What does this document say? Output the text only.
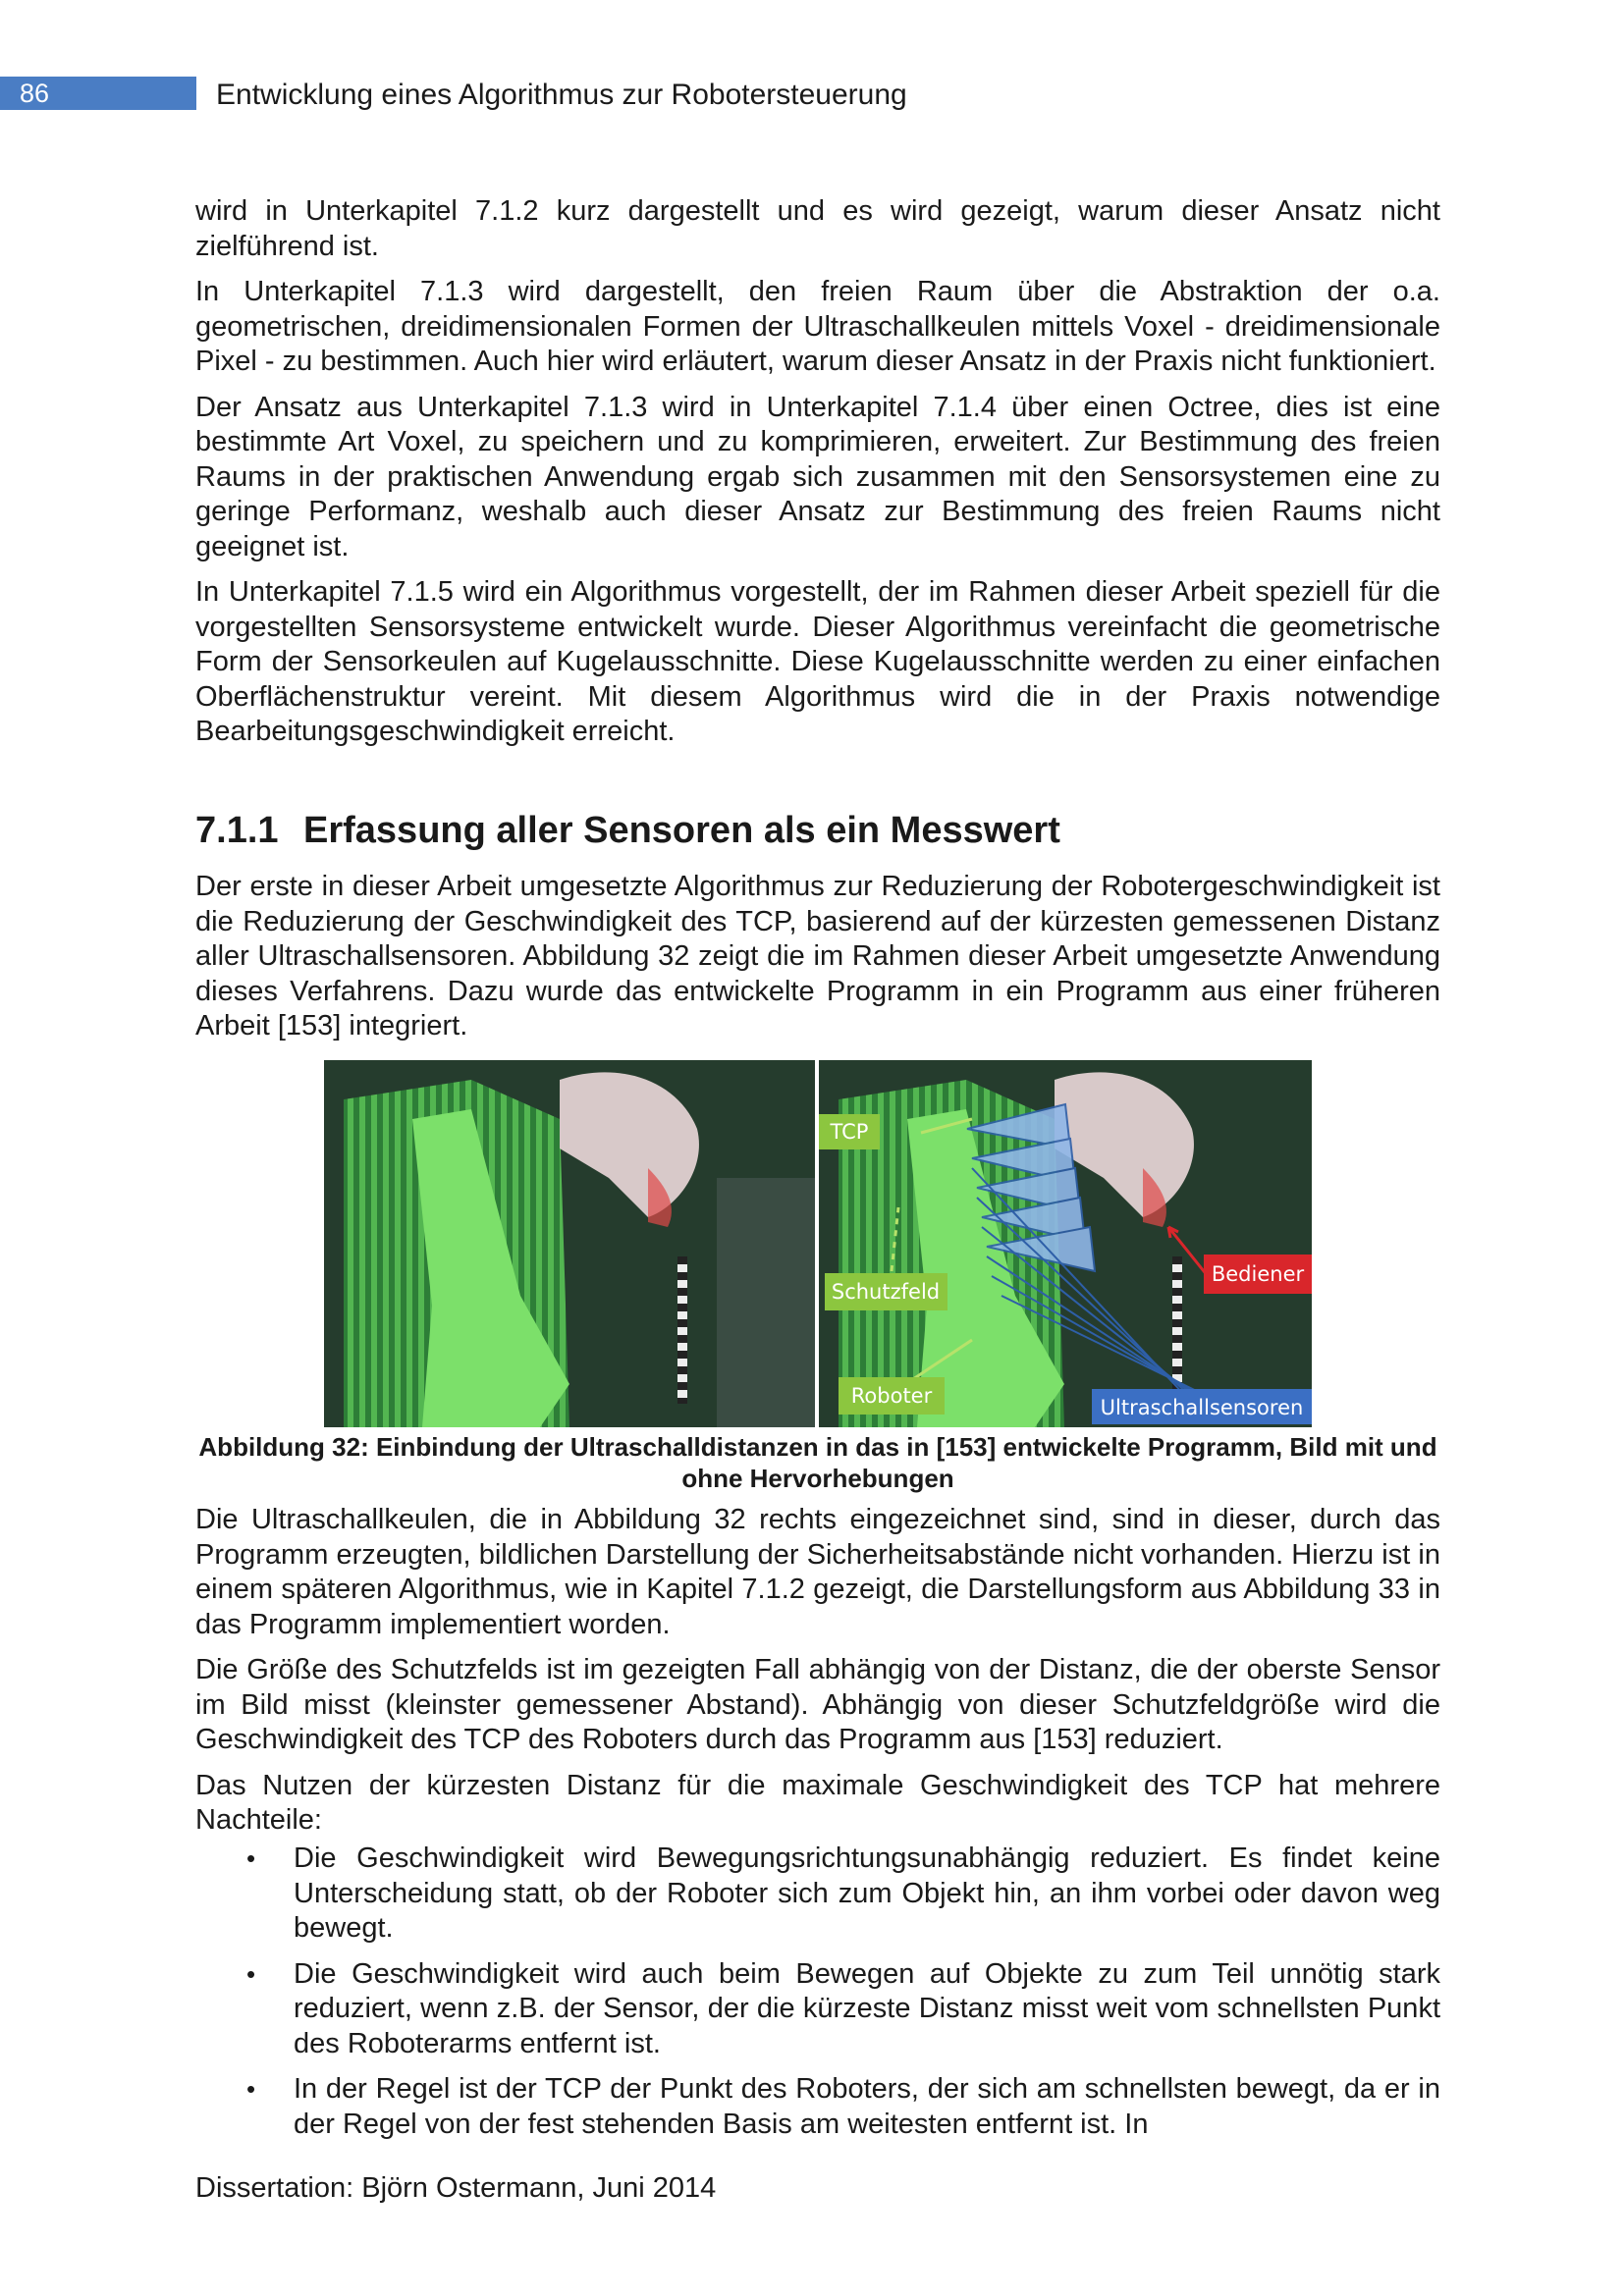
86	Entwicklung eines Algorithmus zur Robotersteuerung

wird in Unterkapitel 7.1.2 kurz dargestellt und es wird gezeigt, warum dieser Ansatz nicht zielführend ist.

In Unterkapitel 7.1.3 wird dargestellt, den freien Raum über die Abstraktion der o.a. geometrischen, dreidimensionalen Formen der Ultraschallkeulen mittels Voxel - dreidimensionale Pixel - zu bestimmen. Auch hier wird erläutert, warum dieser Ansatz in der Praxis nicht funktioniert.

Der Ansatz aus Unterkapitel 7.1.3 wird in Unterkapitel 7.1.4 über einen Octree, dies ist eine bestimmte Art Voxel, zu speichern und zu komprimieren, erweitert. Zur Bestimmung des freien Raums in der praktischen Anwendung ergab sich zusammen mit den Sensorsystemen eine zu geringe Performanz, weshalb auch dieser Ansatz zur Bestimmung des freien Raums nicht geeignet ist.

In Unterkapitel 7.1.5 wird ein Algorithmus vorgestellt, der im Rahmen dieser Arbeit speziell für die vorgestellten Sensorsysteme entwickelt wurde. Dieser Algorithmus vereinfacht die geometrische Form der Sensorkeulen auf Kugelausschnitte. Diese Kugelausschnitte werden zu einer einfachen Oberflächenstruktur vereint. Mit diesem Algorithmus wird die in der Praxis notwendige Bearbeitungsgeschwindigkeit erreicht.

7.1.1 Erfassung aller Sensoren als ein Messwert

Der erste in dieser Arbeit umgesetzte Algorithmus zur Reduzierung der Robotergeschwindigkeit ist die Reduzierung der Geschwindigkeit des TCP, basierend auf der kürzesten gemessenen Distanz aller Ultraschallsensoren. Abbildung 32 zeigt die im Rahmen dieser Arbeit umgesetzte Anwendung dieses Verfahrens. Dazu wurde das entwickelte Programm in ein Programm aus einer früheren Arbeit [153] integriert.

TCP
Schutzfeld
Roboter
Bediener
Ultraschallsensoren
Abbildung 32: Einbindung der Ultraschalldistanzen in das in [153] entwickelte Programm, Bild mit und ohne Hervorhebungen

Die Ultraschallkeulen, die in Abbildung 32 rechts eingezeichnet sind, sind in dieser, durch das Programm erzeugten, bildlichen Darstellung der Sicherheitsabstände nicht vorhanden. Hierzu ist in einem späteren Algorithmus, wie in Kapitel 7.1.2 gezeigt, die Darstellungsform aus Abbildung 33 in das Programm implementiert worden.

Die Größe des Schutzfelds ist im gezeigten Fall abhängig von der Distanz, die der oberste Sensor im Bild misst (kleinster gemessener Abstand). Abhängig von dieser Schutzfeldgröße wird die Geschwindigkeit des TCP des Roboters durch das Programm aus [153] reduziert.

Das Nutzen der kürzesten Distanz für die maximale Geschwindigkeit des TCP hat mehrere Nachteile:

• Die Geschwindigkeit wird Bewegungsrichtungsunabhängig reduziert. Es findet keine Unterscheidung statt, ob der Roboter sich zum Objekt hin, an ihm vorbei oder davon weg bewegt.
• Die Geschwindigkeit wird auch beim Bewegen auf Objekte zu zum Teil unnötig stark reduziert, wenn z.B. der Sensor, der die kürzeste Distanz misst weit vom schnellsten Punkt des Roboterarms entfernt ist.
• In der Regel ist der TCP der Punkt des Roboters, der sich am schnellsten bewegt, da er in der Regel von der fest stehenden Basis am weitesten entfernt ist. In
Dissertation: Björn Ostermann, Juni 2014
